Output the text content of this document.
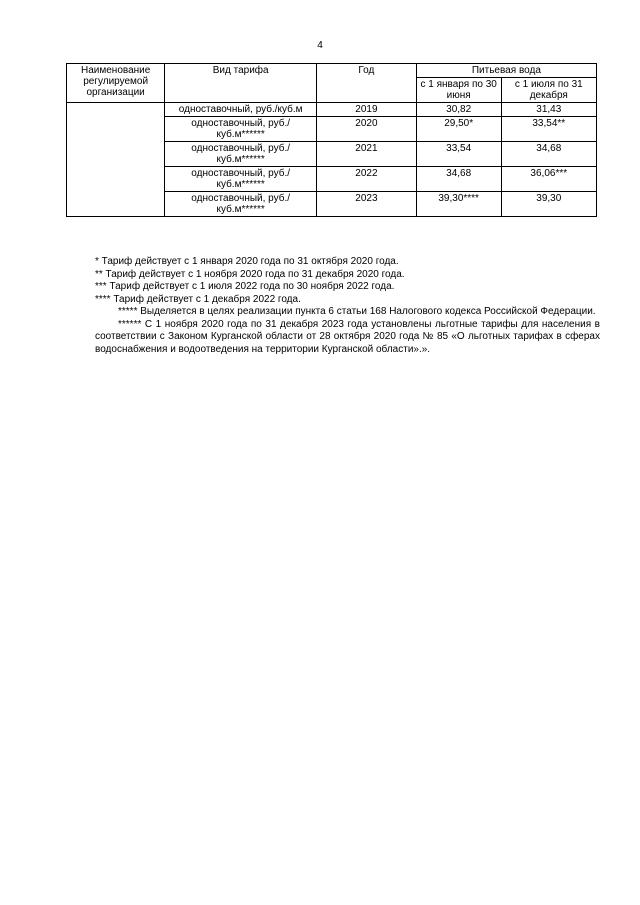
4
Наименование регулируемой организации	Вид тарифа	Год	Питьевая вода	
			с 1 января по 30 июня	с 1 июля по 31 декабря
	одноставочный, руб./куб.м	2019	30,82	31,43
	одноставочный, руб./куб.м******	2020	29,50*	33,54**
	одноставочный, руб./куб.м******	2021	33,54	34,68
	одноставочный, руб./куб.м******	2022	34,68	36,06***
	одноставочный, руб./куб.м******	2023	39,30****	39,30

* Тариф действует с 1 января 2020 года по 31 октября 2020 года.

** Тариф действует с 1 ноября 2020 года по 31 декабря 2020 года.

*** Тариф действует с 1 июля 2022 года по 30 ноября 2022 года.

**** Тариф действует с 1 декабря 2022 года.

***** Выделяется в целях реализации пункта 6 статьи 168 Налогового кодекса Российской Федерации.

****** С 1 ноября 2020 года по 31 декабря 2023 года установлены льготные тарифы для населения в соответствии с Законом Курганской области от 28 октября 2020 года № 85 «О льготных тарифах в сферах водоснабжения и водоотведения на территории Курганской области».».
